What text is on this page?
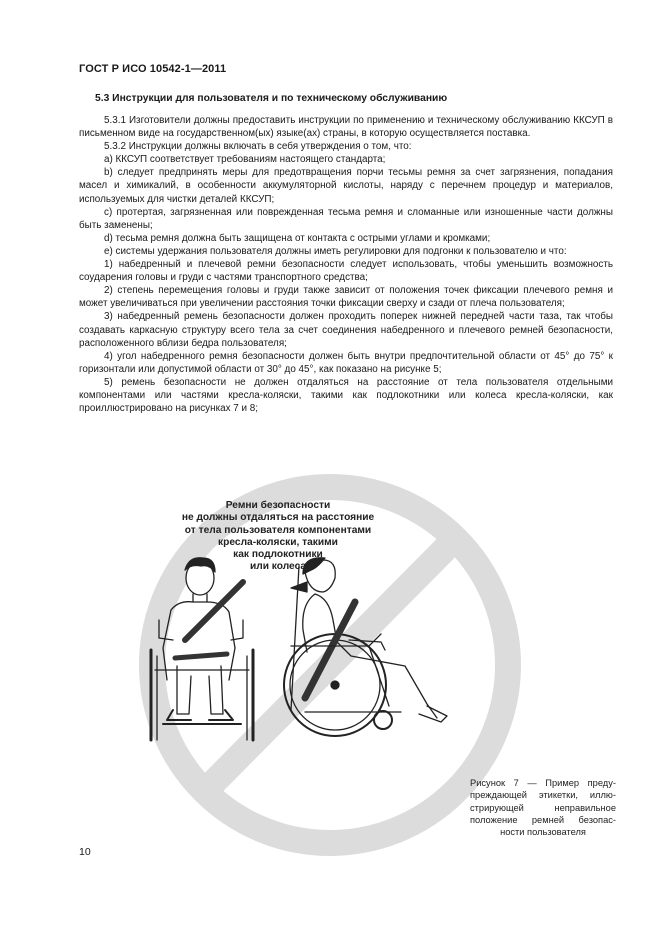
ГОСТ Р ИСО 10542-1—2011
5.3 Инструкции для пользователя и по техническому обслуживанию

5.3.1 Изготовители должны предоставить инструкции по применению и техническому обслуживанию ККСУП в письменном виде на государственном(ых) языке(ах) страны, в которую осуществляется поставка.

5.3.2 Инструкции должны включать в себя утверждения о том, что:

a) ККСУП соответствует требованиям настоящего стандарта;

b) следует предпринять меры для предотвращения порчи тесьмы ремня за счет загрязнения, попадания масел и химикалий, в особенности аккумуляторной кислоты, наряду с перечнем процедур и материалов, используемых для чистки деталей ККСУП;

c) протертая, загрязненная или поврежденная тесьма ремня и сломанные или изношенные части должны быть заменены;

d) тесьма ремня должна быть защищена от контакта с острыми углами и кромками;

e) системы удержания пользователя должны иметь регулировки для подгонки к пользователю и что:

1) набедренный и плечевой ремни безопасности следует использовать, чтобы уменьшить возможность соударения головы и груди с частями транспортного средства;

2) степень перемещения головы и груди также зависит от положения точек фиксации плечевого ремня и может увеличиваться при увеличении расстояния точки фиксации сверху и сзади от плеча пользователя;

3) набедренный ремень безопасности должен проходить поперек нижней передней части таза, так чтобы создавать каркасную структуру всего тела за счет соединения набедренного и плечевого ремней безопасности, расположенного вблизи бедра пользователя;

4) угол набедренного ремня безопасности должен быть внутри предпочтительной области от 45° до 75° к горизонтали или допустимой области от 30° до 45°, как показано на рисунке 5;

5) ремень безопасности не должен отдаляться на расстояние от тела пользователя отдельными компонентами или частями кресла-коляски, такими как подлокотники или колеса кресла-коляски, как проиллюстрировано на рисунках 7 и 8;

Ремни безопасности
не должны отдаляться на расстояние
от тела пользователя компонентами
кресла-коляски, такими
как подлокотники
или колеса
Рисунок 7 — Пример преду-
преждающей этикетки, иллю-
стрирующей	неправильное
положение ремней безопас-
ности пользователя
10
